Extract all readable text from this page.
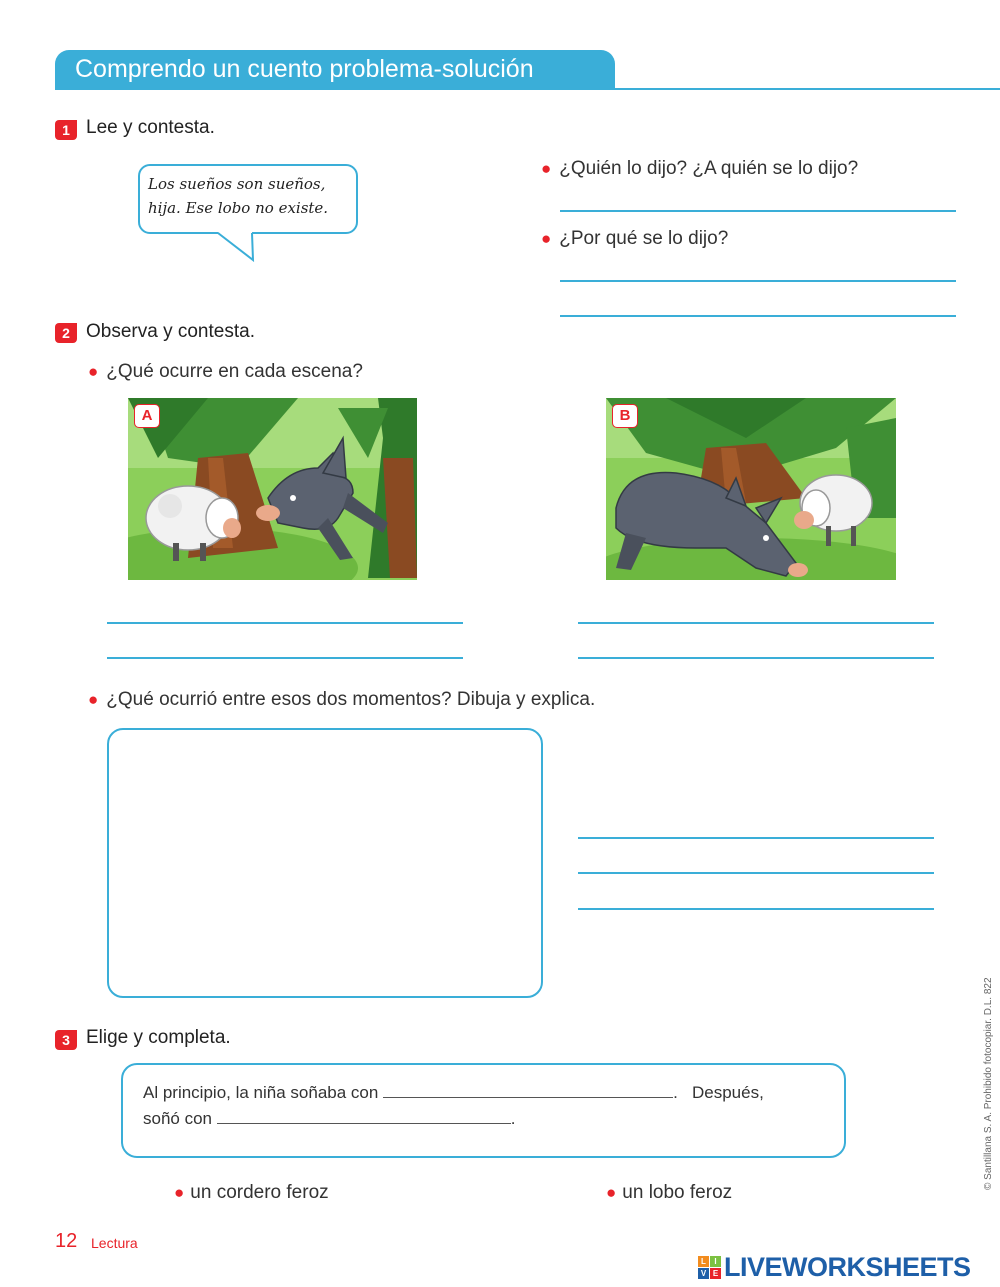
Comprendo un cuento problema-solución
1 Lee y contesta.
Los sueños son sueños,
hija. Ese lobo no existe.
● ¿Quién lo dijo? ¿A quién se lo dijo?
● ¿Por qué se lo dijo?
2 Observa y contesta.
● ¿Qué ocurre en cada escena?
A	B
● ¿Qué ocurrió entre esos dos momentos? Dibuja y explica.
3 Elige y completa.
Al principio, la niña soñaba con	. Después,
soñó con	.
● un cordero feroz	● un lobo feroz
12 Lectura
© Santillana S. A. Prohibido fotocopiar. D.L. 822
L	I
V E LIVEWORKSHEETS
